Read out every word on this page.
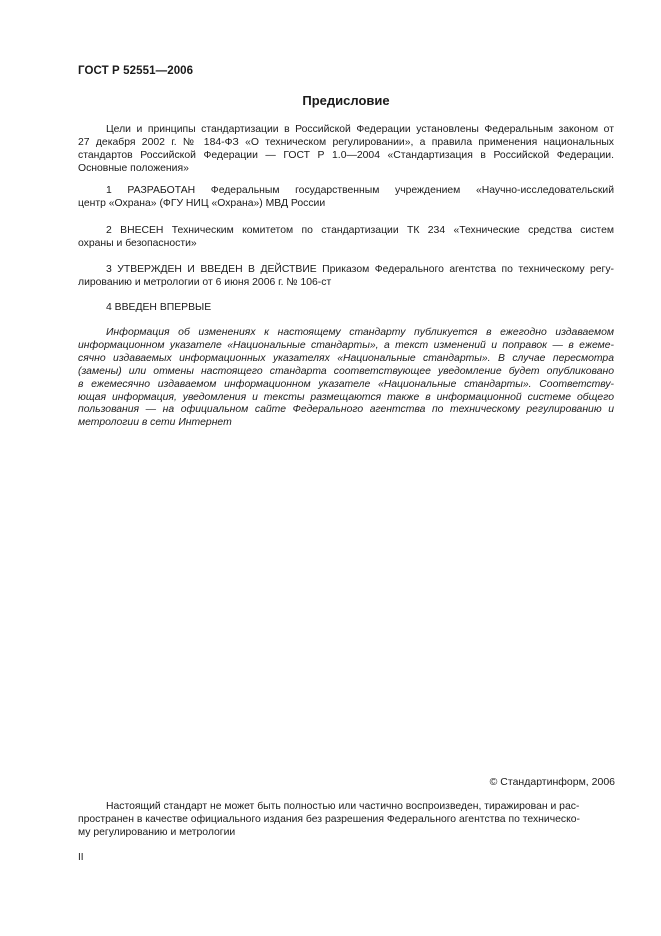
ГОСТ Р 52551—2006
Предисловие
Цели и принципы стандартизации в Российской Федерации установлены Федеральным законом от
27 декабря 2002 г. № 184-ФЗ «О техническом регулировании», а правила применения национальных
стандартов Российской Федерации — ГОСТ Р 1.0—2004 «Стандартизация в Российской Федерации.
Основные положения»
1 РАЗРАБОТАН Федеральным государственным учреждением «Научно-исследовательский
центр «Охрана» (ФГУ НИЦ «Охрана») МВД России
2 ВНЕСЕН Техническим комитетом по стандартизации ТК 234 «Технические средства систем
охраны и безопасности»
3 УТВЕРЖДЕН И ВВЕДЕН В ДЕЙСТВИЕ Приказом Федерального агентства по техническому регу-
лированию и метрологии от 6 июня 2006 г. № 106-ст
4 ВВЕДЕН ВПЕРВЫЕ
Информация об изменениях к настоящему стандарту публикуется в ежегодно издаваемом
информационном указателе «Национальные стандарты», а текст изменений и поправок — в ежеме-
сячно издаваемых информационных указателях «Национальные стандарты». В случае пересмотра
(замены) или отмены настоящего стандарта соответствующее уведомление будет опубликовано
в ежемесячно издаваемом информационном указателе «Национальные стандарты». Соответству-
ющая информация, уведомления и тексты размещаются также в информационной системе общего
пользования — на официальном сайте Федерального агентства по техническому регулированию и
метрологии в сети Интернет
© Стандартинформ, 2006
Настоящий стандарт не может быть полностью или частично воспроизведен, тиражирован и рас-
пространен в качестве официального издания без разрешения Федерального агентства по техническо-
му регулированию и метрологии
II
